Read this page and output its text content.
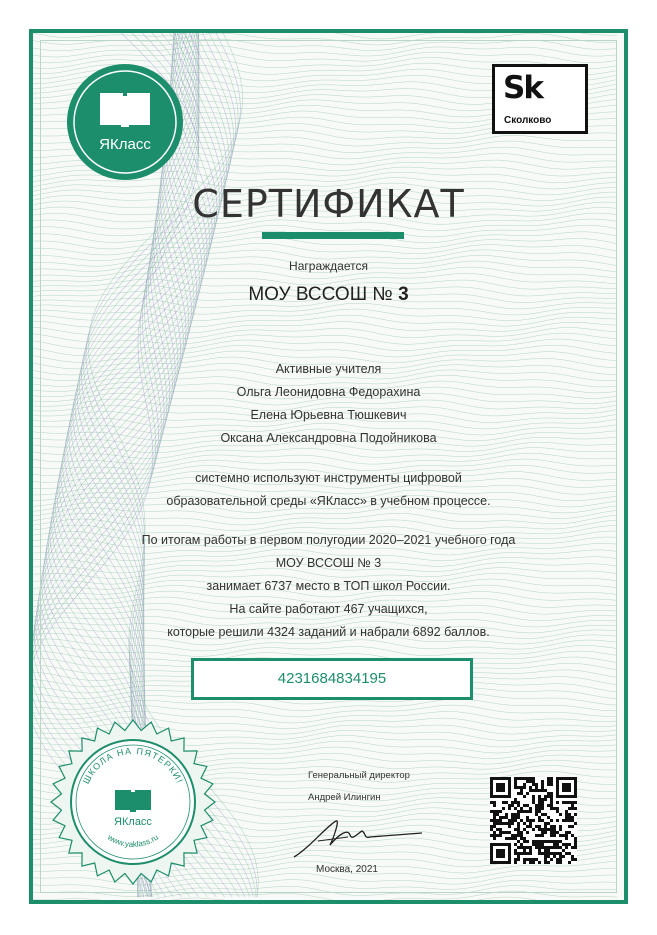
ЯКласс
Sk
Сколково
СЕРТИФИКАТ
Награждается
МОУ ВССОШ № 3
Активные учителя
Ольга Леонидовна Федорахина
Елена Юрьевна Тюшкевич
Оксана Александровна Подойникова
системно используют инструменты цифровой
образовательной среды «ЯКласс» в учебном процессе.
По итогам работы в первом полугодии 2020–2021 учебного года
МОУ ВССОШ № 3
занимает 6737 место в ТОП школ России.
На сайте работают 467 учащихся,
которые решили 4324 заданий и набрали 6892 баллов.
4231684834195
ШКОЛА НА ПЯТЕРКИ!
ЯКласс
www.yaklass.ru
Генеральный директор
Андрей Илингин
Москва, 2021
